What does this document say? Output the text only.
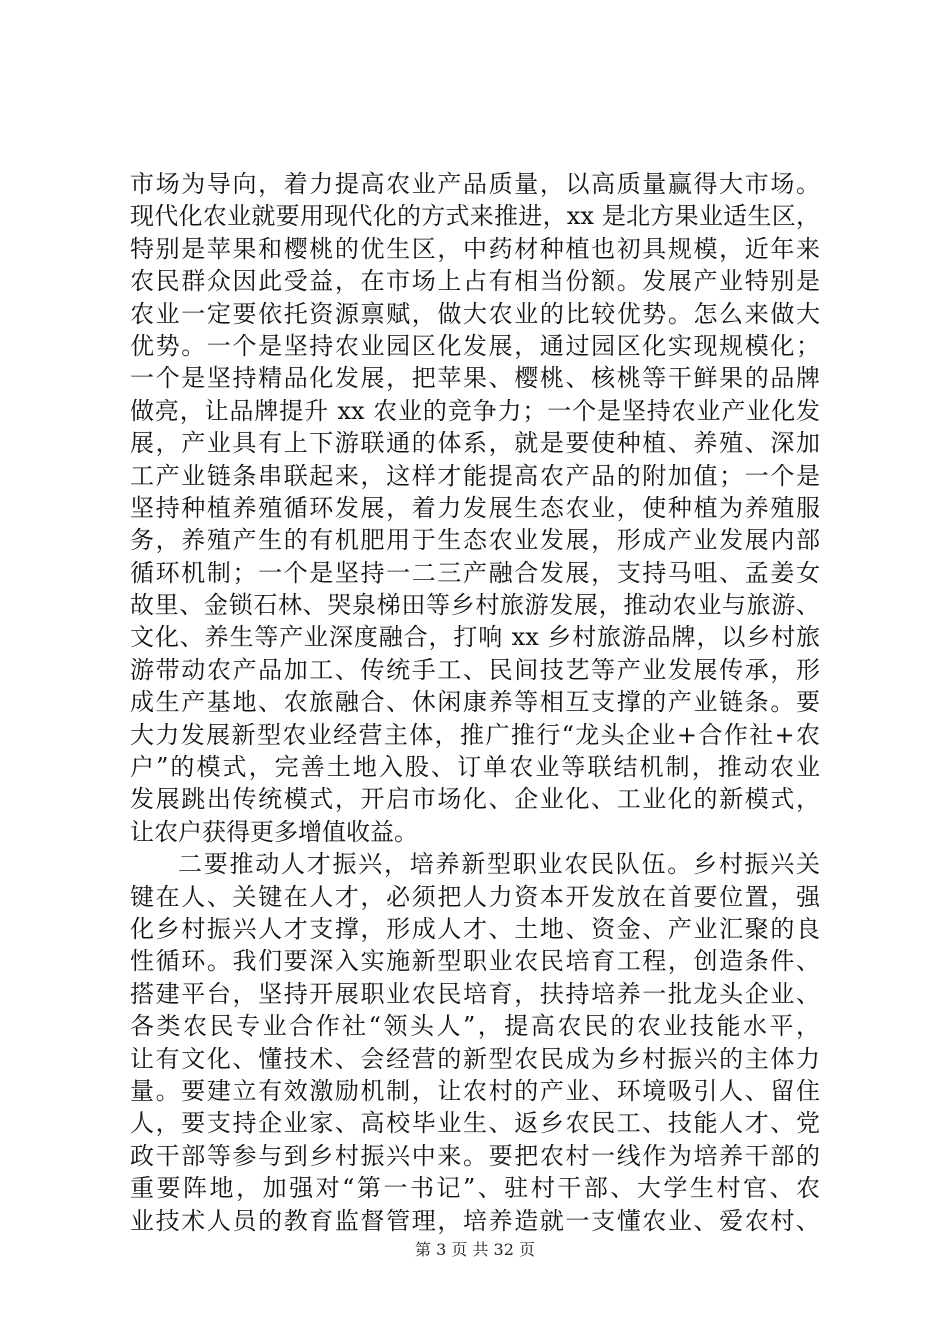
市场为导向，着力提高农业产品质量，以高质量赢得大市场。
现代化农业就要用现代化的方式来推进，xx 是北方果业适生区，
特别是苹果和樱桃的优生区，中药材种植也初具规模，近年来
农民群众因此受益，在市场上占有相当份额。发展产业特别是
农业一定要依托资源禀赋，做大农业的比较优势。怎么来做大
优势。一个是坚持农业园区化发展，通过园区化实现规模化；
一个是坚持精品化发展，把苹果、樱桃、核桃等干鲜果的品牌
做亮，让品牌提升 xx 农业的竞争力；一个是坚持农业产业化发
展，产业具有上下游联通的体系，就是要使种植、养殖、深加
工产业链条串联起来，这样才能提高农产品的附加值；一个是
坚持种植养殖循环发展，着力发展生态农业，使种植为养殖服
务，养殖产生的有机肥用于生态农业发展，形成产业发展内部
循环机制；一个是坚持一二三产融合发展，支持马咀、孟姜女
故里、金锁石林、哭泉梯田等乡村旅游发展，推动农业与旅游、
文化、养生等产业深度融合，打响 xx 乡村旅游品牌，以乡村旅
游带动农产品加工、传统手工、民间技艺等产业发展传承，形
成生产基地、农旅融合、休闲康养等相互支撑的产业链条。要
大力发展新型农业经营主体，推广推行“龙头企业+合作社+农
户”的模式，完善土地入股、订单农业等联结机制，推动农业
发展跳出传统模式，开启市场化、企业化、工业化的新模式，
让农户获得更多增值收益。
二要推动人才振兴，培养新型职业农民队伍。乡村振兴关
键在人、关键在人才，必须把人力资本开发放在首要位置，强
化乡村振兴人才支撑，形成人才、土地、资金、产业汇聚的良
性循环。我们要深入实施新型职业农民培育工程，创造条件、
搭建平台，坚持开展职业农民培育，扶持培养一批龙头企业、
各类农民专业合作社“领头人”，提高农民的农业技能水平，
让有文化、懂技术、会经营的新型农民成为乡村振兴的主体力
量。要建立有效激励机制，让农村的产业、环境吸引人、留住
人，要支持企业家、高校毕业生、返乡农民工、技能人才、党
政干部等参与到乡村振兴中来。要把农村一线作为培养干部的
重要阵地，加强对“第一书记”、驻村干部、大学生村官、农
业技术人员的教育监督管理，培养造就一支懂农业、爱农村、
第 3 页 共 32 页
